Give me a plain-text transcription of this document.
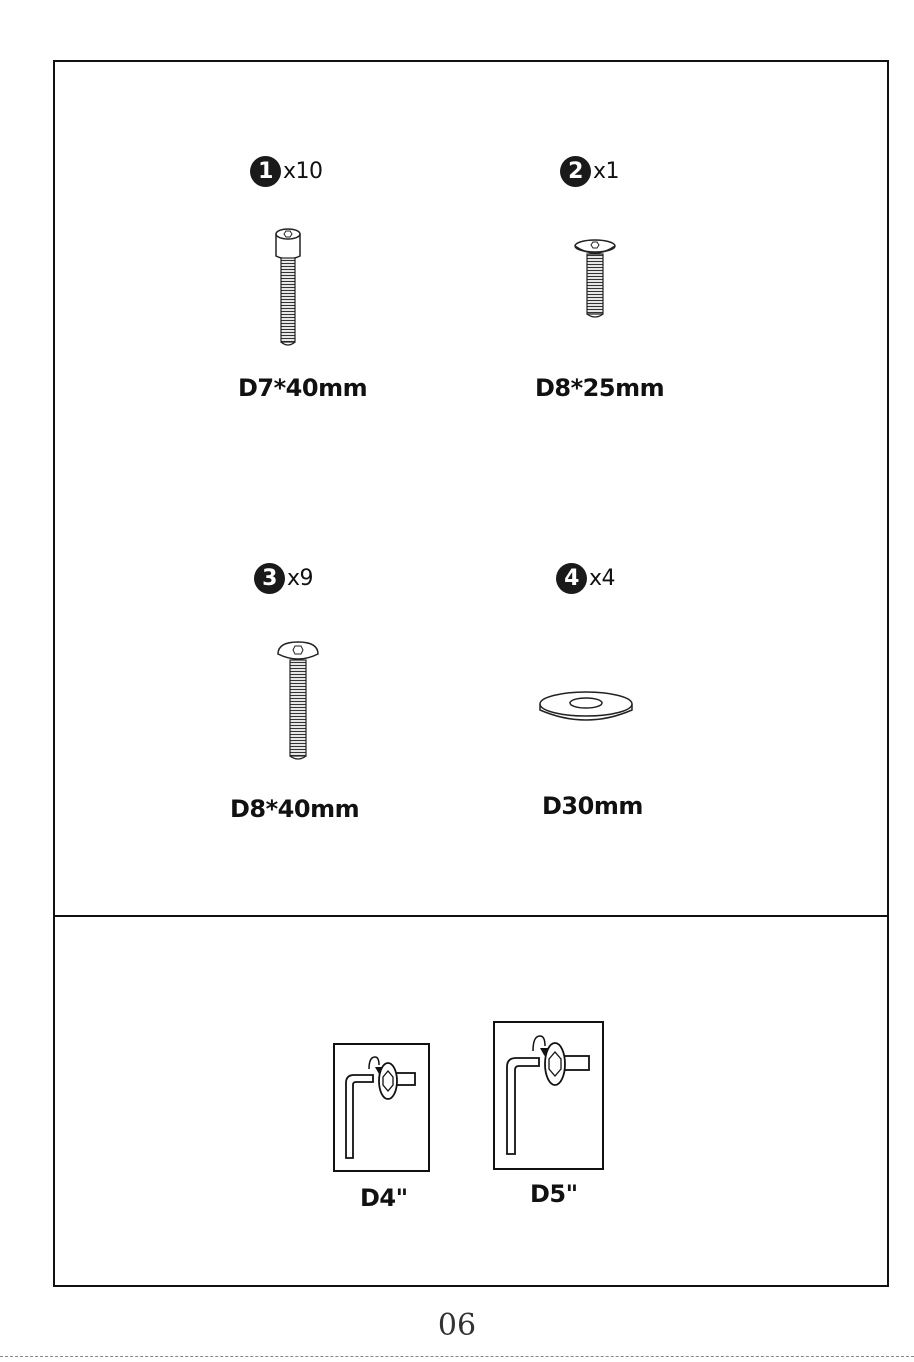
1 x10
D7*40mm
2 x1
D8*25mm
3 x9
D8*40mm
4 x4
D30mm
D4"	D5"
06
